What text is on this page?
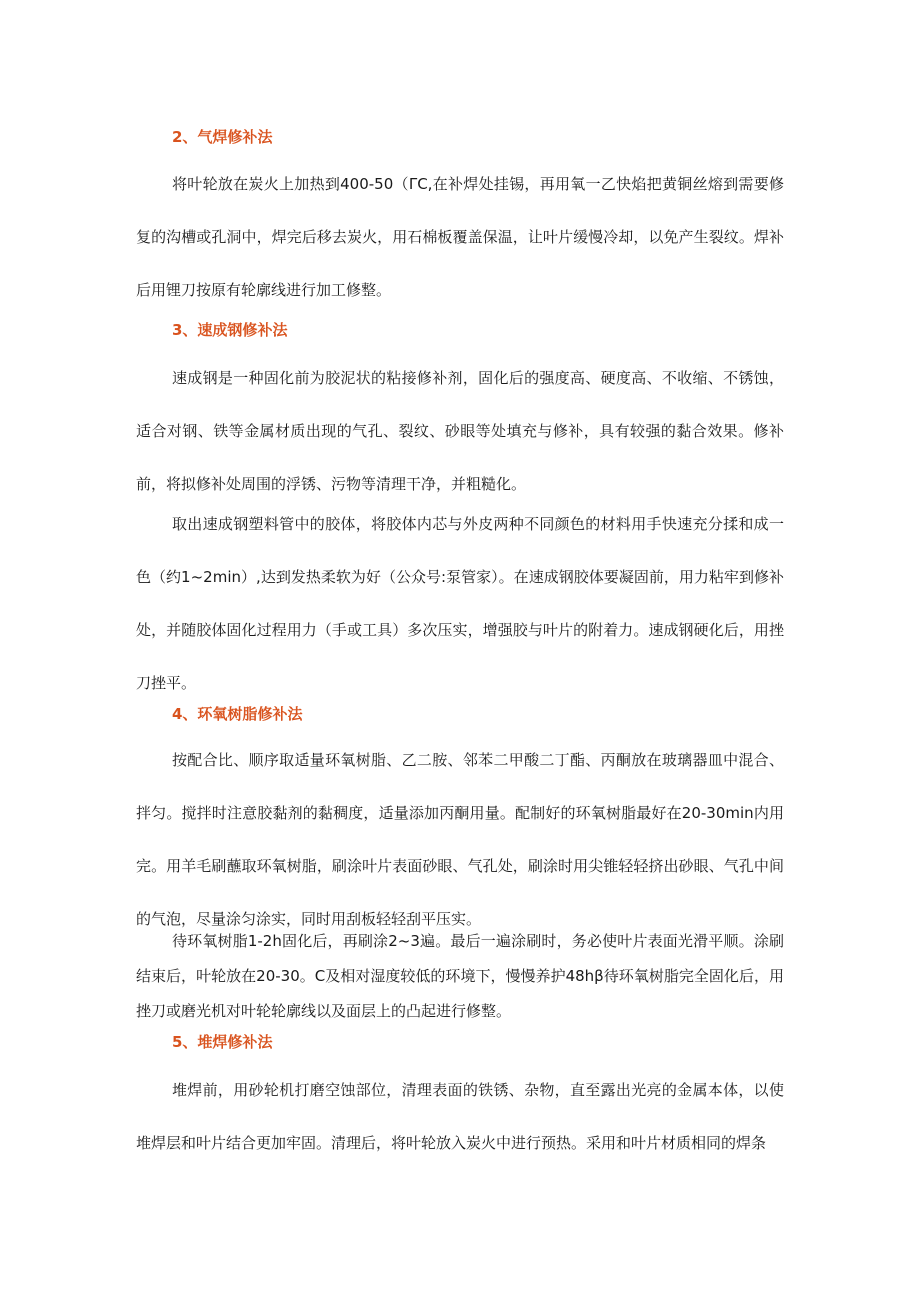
2、气焊修补法

将叶轮放在炭火上加热到400-50（ΓC,在补焊处挂锡，再用氧一乙快焰把黄铜丝熔到需要修复的沟槽或孔洞中，焊完后移去炭火，用石棉板覆盖保温，让叶片缓慢冷却，以免产生裂纹。焊补后用锂刀按原有轮廓线进行加工修整。

3、速成钢修补法

速成钢是一种固化前为胶泥状的粘接修补剂，固化后的强度高、硬度高、不收缩、不锈蚀，适合对钢、铁等金属材质出现的气孔、裂纹、砂眼等处填充与修补，具有较强的黏合效果。修补前，将拟修补处周围的浮锈、污物等清理干净，并粗糙化。

取出速成钢塑料管中的胶体，将胶体内芯与外皮两种不同颜色的材料用手快速充分揉和成一色（约1~2min）,达到发热柔软为好（公众号:泵管家）。在速成钢胶体要凝固前，用力粘牢到修补处，并随胶体固化过程用力（手或工具）多次压实，增强胶与叶片的附着力。速成钢硬化后，用挫刀挫平。

4、环氧树脂修补法

按配合比、顺序取适量环氧树脂、乙二胺、邻苯二甲酸二丁酯、丙酮放在玻璃器皿中混合、拌匀。搅拌时注意胶黏剂的黏稠度，适量添加丙酮用量。配制好的环氧树脂最好在20-30min内用完。用羊毛刷蘸取环氧树脂，刷涂叶片表面砂眼、气孔处，刷涂时用尖锥轻轻挤出砂眼、气孔中间的气泡，尽量涂匀涂实，同时用刮板轻轻刮平压实。

待环氧树脂1-2h固化后，再刷涂2~3遍。最后一遍涂刷时，务必使叶片表面光滑平顺。涂刷结束后，叶轮放在20-30。C及相对湿度较低的环境下，慢慢养护48hβ待环氧树脂完全固化后，用挫刀或磨光机对叶轮轮廓线以及面层上的凸起进行修整。

5、堆焊修补法

堆焊前，用砂轮机打磨空蚀部位，清理表面的铁锈、杂物，直至露出光亮的金属本体，以使堆焊层和叶片结合更加牢固。清理后，将叶轮放入炭火中进行预热。采用和叶片材质相同的焊条
